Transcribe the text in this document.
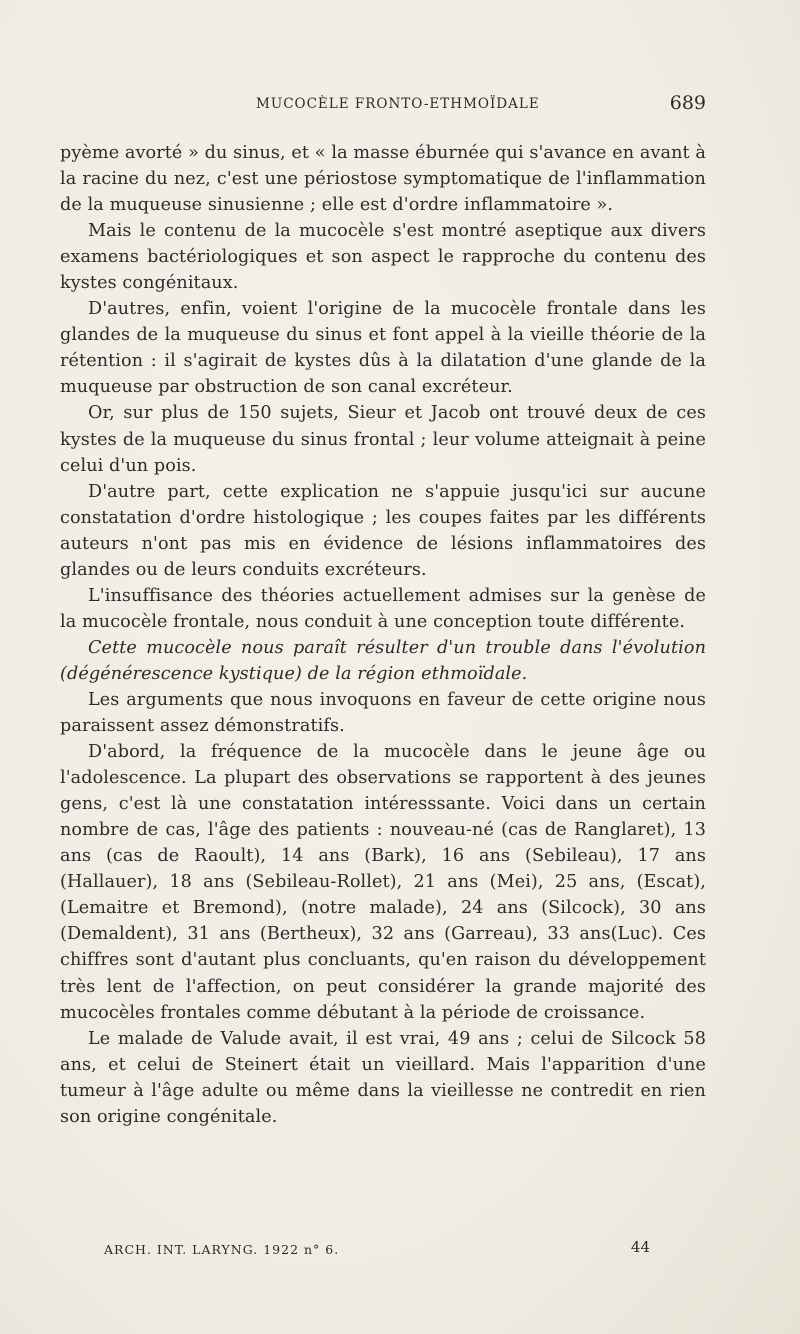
MUCOCÈLE FRONTO-ETHMOÏDALE	689

pyème avorté » du sinus, et « la masse éburnée qui s'avance en avant à la racine du nez, c'est une périostose symptomatique de l'inflammation de la muqueuse sinusienne ; elle est d'ordre inflammatoire ».

Mais le contenu de la mucocèle s'est montré aseptique aux divers examens bactériologiques et son aspect le rapproche du contenu des kystes congénitaux.

D'autres, enfin, voient l'origine de la mucocèle frontale dans les glandes de la muqueuse du sinus et font appel à la vieille théorie de la rétention : il s'agirait de kystes dûs à la dilatation d'une glande de la muqueuse par obstruction de son canal excréteur.

Or, sur plus de 150 sujets, Sieur et Jacob ont trouvé deux de ces kystes de la muqueuse du sinus frontal ; leur volume atteignait à peine celui d'un pois.

D'autre part, cette explication ne s'appuie jusqu'ici sur aucune constatation d'ordre histologique ; les coupes faites par les différents auteurs n'ont pas mis en évidence de lésions inflammatoires des glandes ou de leurs conduits excréteurs.

L'insuffisance des théories actuellement admises sur la genèse de la mucocèle frontale, nous conduit à une conception toute différente.

Cette mucocèle nous paraît résulter d'un trouble dans l'évolution (dégénérescence kystique) de la région ethmoïdale.

Les arguments que nous invoquons en faveur de cette origine nous paraissent assez démonstratifs.

D'abord, la fréquence de la mucocèle dans le jeune âge ou l'adolescence. La plupart des observations se rapportent à des jeunes gens, c'est là une constatation intéresssante. Voici dans un certain nombre de cas, l'âge des patients : nouveau-né (cas de Ranglaret), 13 ans (cas de Raoult), 14 ans (Bark), 16 ans (Sebileau), 17 ans (Hallauer), 18 ans (Sebileau-Rollet), 21 ans (Mei), 25 ans, (Escat), (Lemaitre et Bremond), (notre malade), 24 ans (Silcock), 30 ans (Demaldent), 31 ans (Bertheux), 32 ans (Garreau), 33 ans(Luc). Ces chiffres sont d'autant plus concluants, qu'en raison du développement très lent de l'affection, on peut considérer la grande majorité des mucocèles frontales comme débutant à la période de croissance.

Le malade de Valude avait, il est vrai, 49 ans ; celui de Silcock 58 ans, et celui de Steinert était un vieillard. Mais l'apparition d'une tumeur à l'âge adulte ou même dans la vieillesse ne contredit en rien son origine congénitale.

ARCH. INT. LARYNG. 1922 n° 6.	44
